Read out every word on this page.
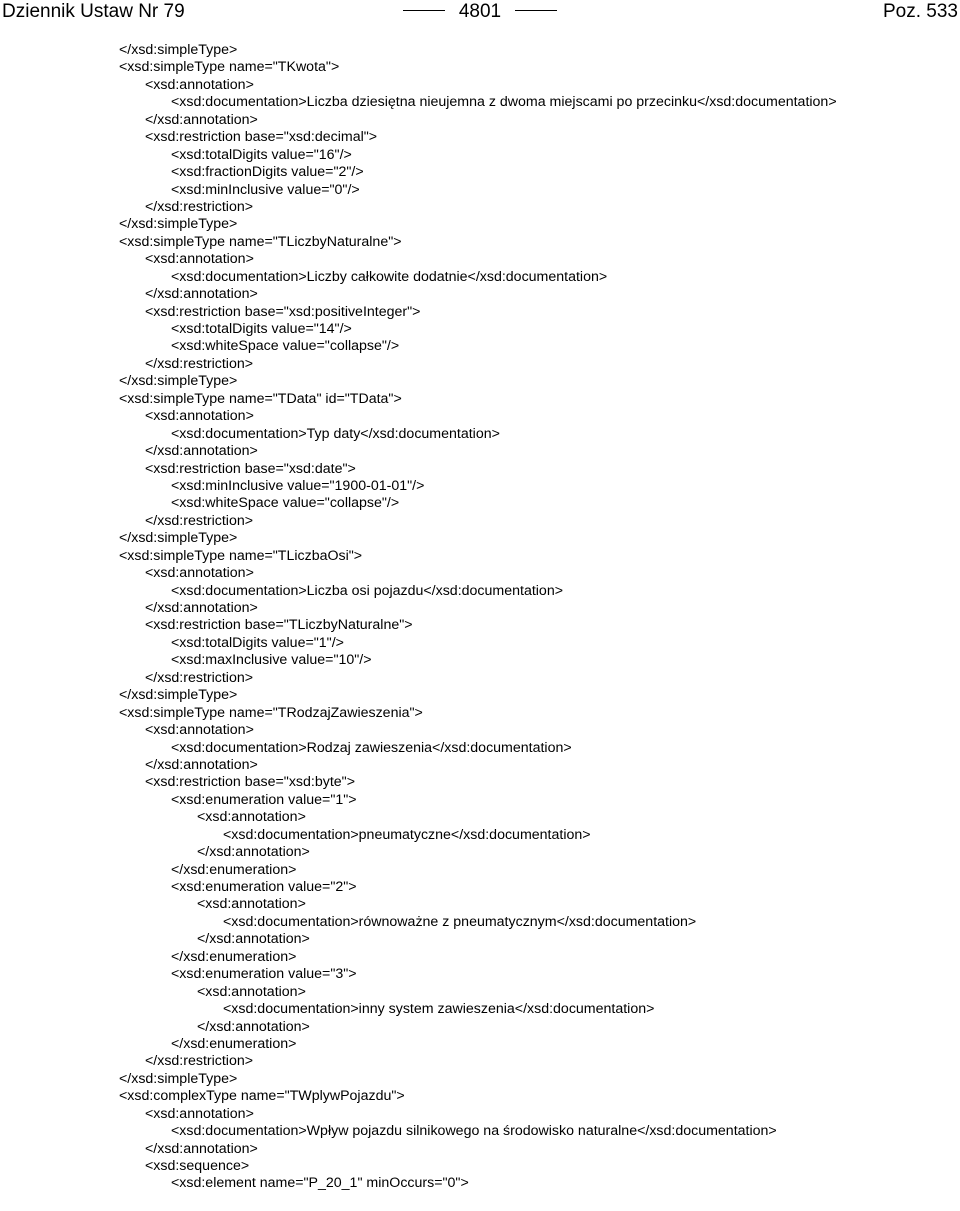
Dziennik Ustaw Nr 79	4801	Poz. 533
</xsd:simpleType>
<xsd:simpleType name="TKwota">
<xsd:annotation>
<xsd:documentation>Liczba dziesiętna nieujemna z dwoma miejscami po przecinku</xsd:documentation>
</xsd:annotation>
<xsd:restriction base="xsd:decimal">
<xsd:totalDigits value="16"/>
<xsd:fractionDigits value="2"/>
<xsd:minInclusive value="0"/>
</xsd:restriction>
</xsd:simpleType>
<xsd:simpleType name="TLiczbyNaturalne">
<xsd:annotation>
<xsd:documentation>Liczby całkowite dodatnie</xsd:documentation>
</xsd:annotation>
<xsd:restriction base="xsd:positiveInteger">
<xsd:totalDigits value="14"/>
<xsd:whiteSpace value="collapse"/>
</xsd:restriction>
</xsd:simpleType>
<xsd:simpleType name="TData" id="TData">
<xsd:annotation>
<xsd:documentation>Typ daty</xsd:documentation>
</xsd:annotation>
<xsd:restriction base="xsd:date">
<xsd:minInclusive value="1900-01-01"/>
<xsd:whiteSpace value="collapse"/>
</xsd:restriction>
</xsd:simpleType>
<xsd:simpleType name="TLiczbaOsi">
<xsd:annotation>
<xsd:documentation>Liczba osi pojazdu</xsd:documentation>
</xsd:annotation>
<xsd:restriction base="TLiczbyNaturalne">
<xsd:totalDigits value="1"/>
<xsd:maxInclusive value="10"/>
</xsd:restriction>
</xsd:simpleType>
<xsd:simpleType name="TRodzajZawieszenia">
<xsd:annotation>
<xsd:documentation>Rodzaj zawieszenia</xsd:documentation>
</xsd:annotation>
<xsd:restriction base="xsd:byte">
<xsd:enumeration value="1">
<xsd:annotation>
<xsd:documentation>pneumatyczne</xsd:documentation>
</xsd:annotation>
</xsd:enumeration>
<xsd:enumeration value="2">
<xsd:annotation>
<xsd:documentation>równoważne z pneumatycznym</xsd:documentation>
</xsd:annotation>
</xsd:enumeration>
<xsd:enumeration value="3">
<xsd:annotation>
<xsd:documentation>inny system zawieszenia</xsd:documentation>
</xsd:annotation>
</xsd:enumeration>
</xsd:restriction>
</xsd:simpleType>
<xsd:complexType name="TWplywPojazdu">
<xsd:annotation>
<xsd:documentation>Wpływ pojazdu silnikowego na środowisko naturalne</xsd:documentation>
</xsd:annotation>
<xsd:sequence>
<xsd:element name="P_20_1" minOccurs="0">
